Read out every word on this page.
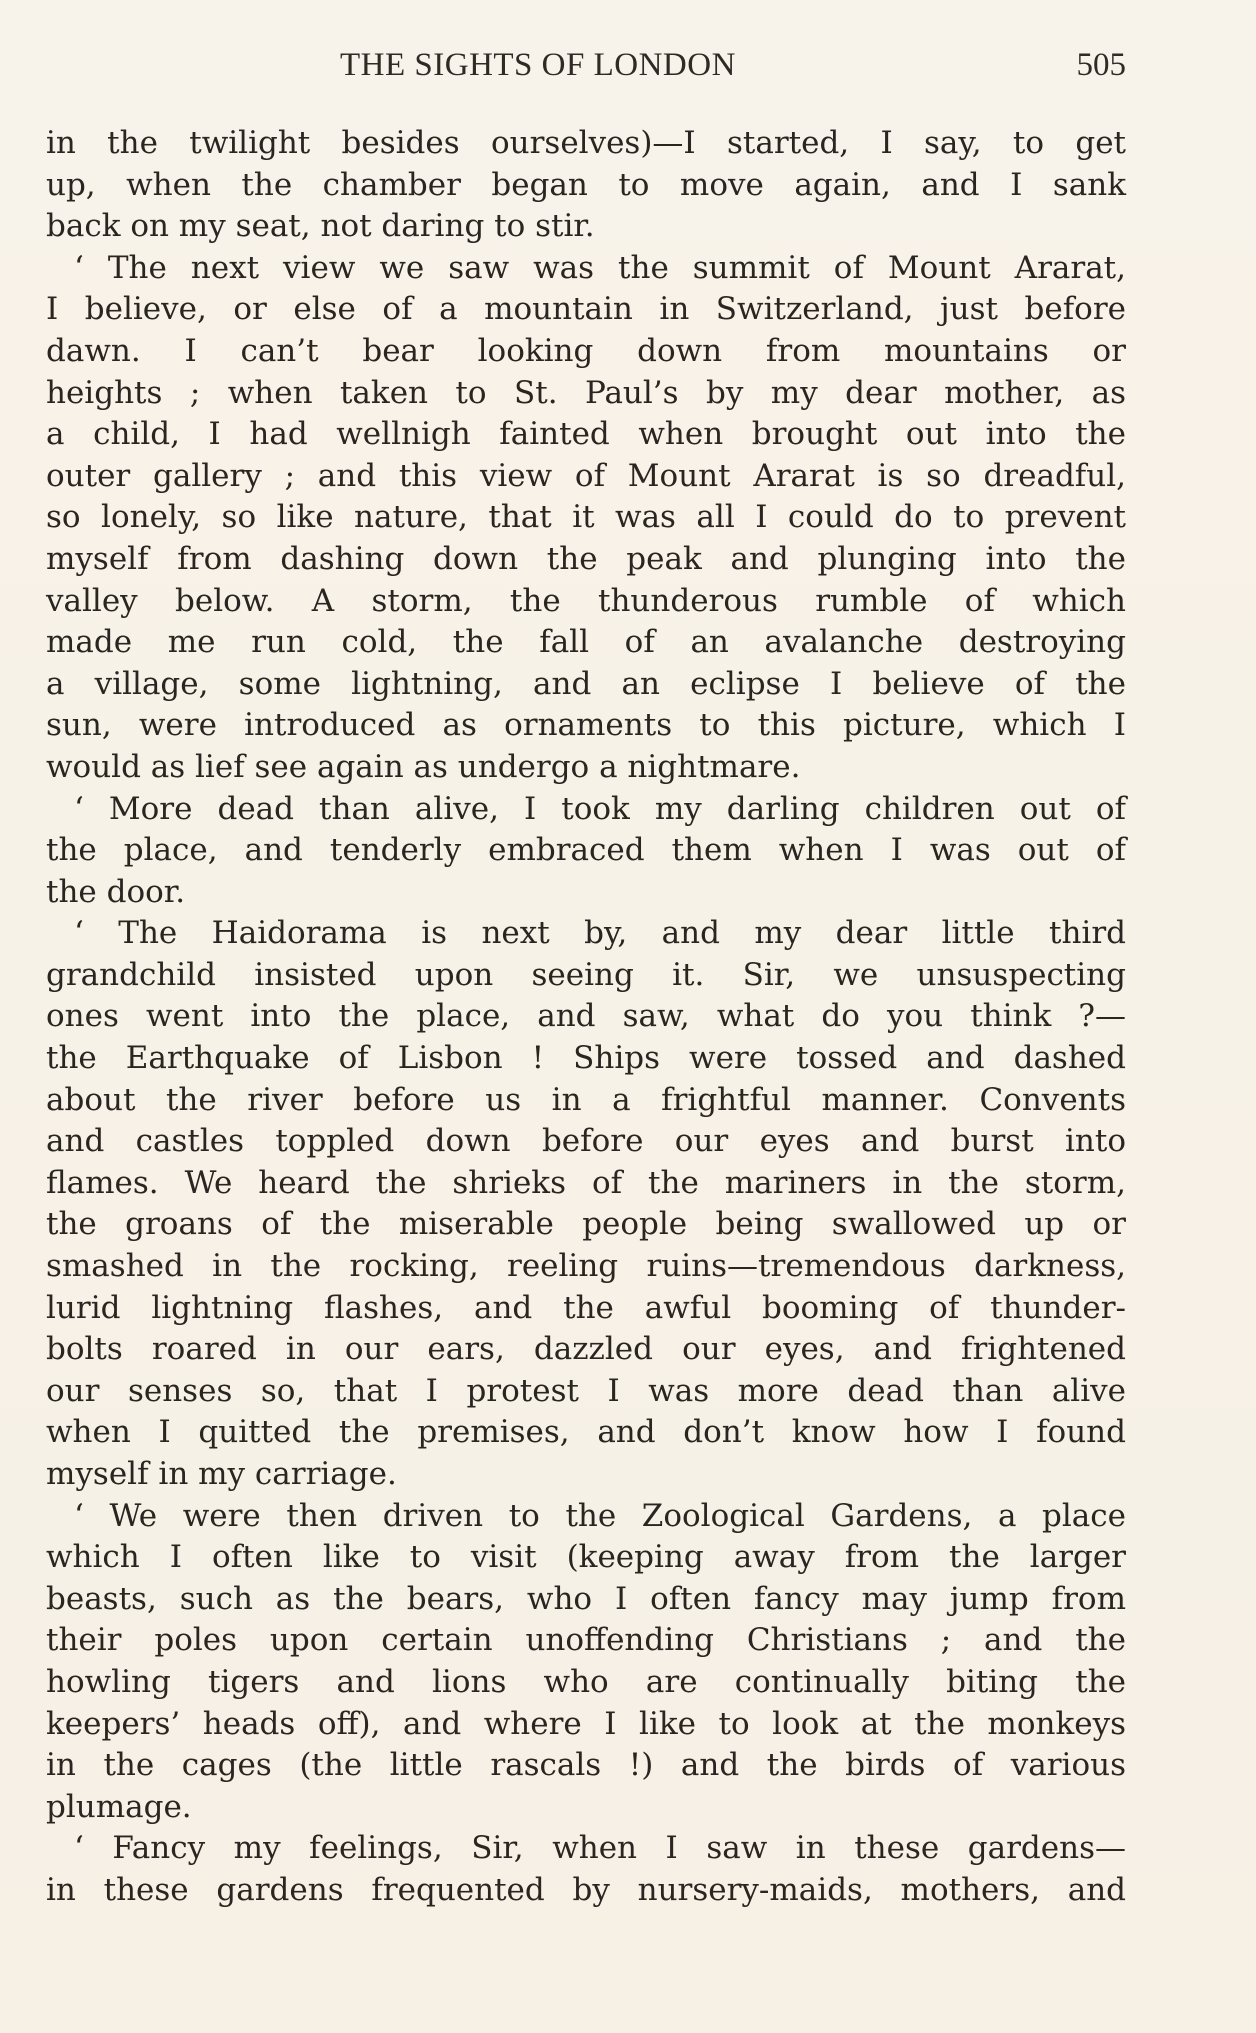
THE SIGHTS OF LONDON	505
in the twilight besides ourselves)—I started, I say, to get
up, when the chamber began to move again, and I sank
back on my seat, not daring to stir.
‘ The next view we saw was the summit of Mount Ararat,
I believe, or else of a mountain in Switzerland, just before
dawn. I can’t bear looking down from mountains or
heights ; when taken to St. Paul’s by my dear mother, as
a child, I had wellnigh fainted when brought out into the
outer gallery ; and this view of Mount Ararat is so dreadful,
so lonely, so like nature, that it was all I could do to prevent
myself from dashing down the peak and plunging into the
valley below. A storm, the thunderous rumble of which
made me run cold, the fall of an avalanche destroying
a village, some lightning, and an eclipse I believe of the
sun, were introduced as ornaments to this picture, which I
would as lief see again as undergo a nightmare.
‘ More dead than alive, I took my darling children out of
the place, and tenderly embraced them when I was out of
the door.
‘ The Haidorama is next by, and my dear little third
grandchild insisted upon seeing it. Sir, we unsuspecting
ones went into the place, and saw, what do you think ?—
the Earthquake of Lisbon ! Ships were tossed and dashed
about the river before us in a frightful manner. Convents
and castles toppled down before our eyes and burst into
flames. We heard the shrieks of the mariners in the storm,
the groans of the miserable people being swallowed up or
smashed in the rocking, reeling ruins—tremendous darkness,
lurid lightning flashes, and the awful booming of thunder-
bolts roared in our ears, dazzled our eyes, and frightened
our senses so, that I protest I was more dead than alive
when I quitted the premises, and don’t know how I found
myself in my carriage.
‘ We were then driven to the Zoological Gardens, a place
which I often like to visit (keeping away from the larger
beasts, such as the bears, who I often fancy may jump from
their poles upon certain unoffending Christians ; and the
howling tigers and lions who are continually biting the
keepers’ heads off), and where I like to look at the monkeys
in the cages (the little rascals !) and the birds of various
plumage.
‘ Fancy my feelings, Sir, when I saw in these gardens—
in these gardens frequented by nursery-maids, mothers, and
